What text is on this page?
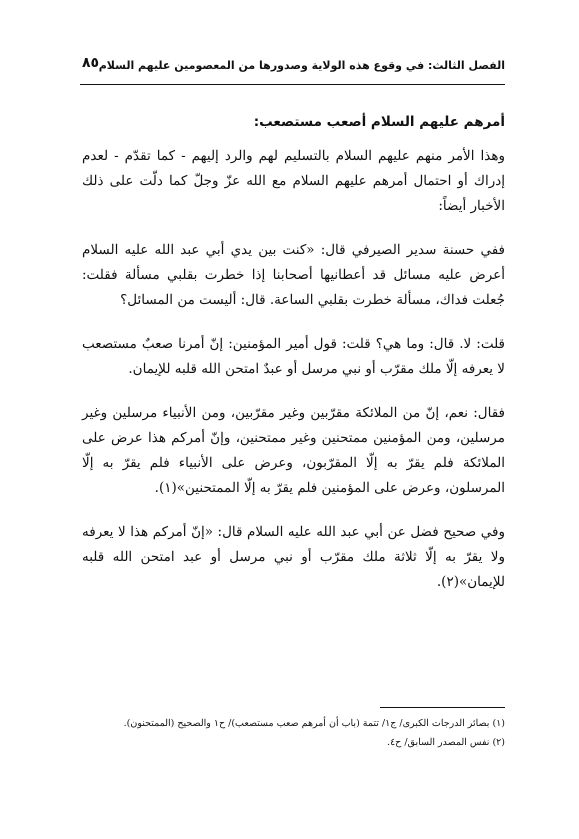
الفصل الثالث: في وقوع هذه الولاية وصدورها من المعصومين عليهم السلام
٨٥
أمرهم عليهم السلام أصعب مستصعب:

وهذا الأمر منهم عليهم السلام بالتسليم لهم والرد إليهم - كما تقدّم - لعدم إدراك أو احتمال أمرهم عليهم السلام مع الله عزّ وجلّ كما دلّت على ذلك الأخبار أيضاً:

ففي حسنة سدير الصيرفي قال: «كنت بين يدي أبي عبد الله عليه السلام أعرض عليه مسائل قد أعطانيها أصحابنا إذا خطرت بقلبي مسألة فقلت: جُعلت فداك، مسألة خطرت بقلبي الساعة. قال: أليست من المسائل؟

قلت: لا. قال: وما هي؟ قلت: قول أمير المؤمنين: إنّ أمرنا صعبٌ مستصعب لا يعرفه إلّا ملك مقرّب أو نبي مرسل أو عبدٌ امتحن الله قلبه للإيمان.

فقال: نعم، إنّ من الملائكة مقرّبين وغير مقرّبين، ومن الأنبياء مرسلين وغير مرسلين، ومن المؤمنين ممتحنين وغير ممتحنين، وإنّ أمركم هذا عرض على الملائكة فلم يقرّ به إلّا المقرّبون، وعرض على الأنبياء فلم يقرّ به إلّا المرسلون، وعرض على المؤمنين فلم يقرّ به إلّا الممتحنين»(١).

وفي صحيح فضل عن أبي عبد الله عليه السلام قال: «إنّ أمركم هذا لا يعرفه ولا يقرّ به إلّا ثلاثة ملك مقرّب أو نبي مرسل أو عبد امتحن الله قلبه للإيمان»(٢).

(١) بصائر الدرجات الكبرى/ ج١/ تتمة (باب أن أمرهم صعب مستصعب)/ ح١ والصحيح (الممتحنون).
(٢) نفس المصدر السابق/ ح٤.
